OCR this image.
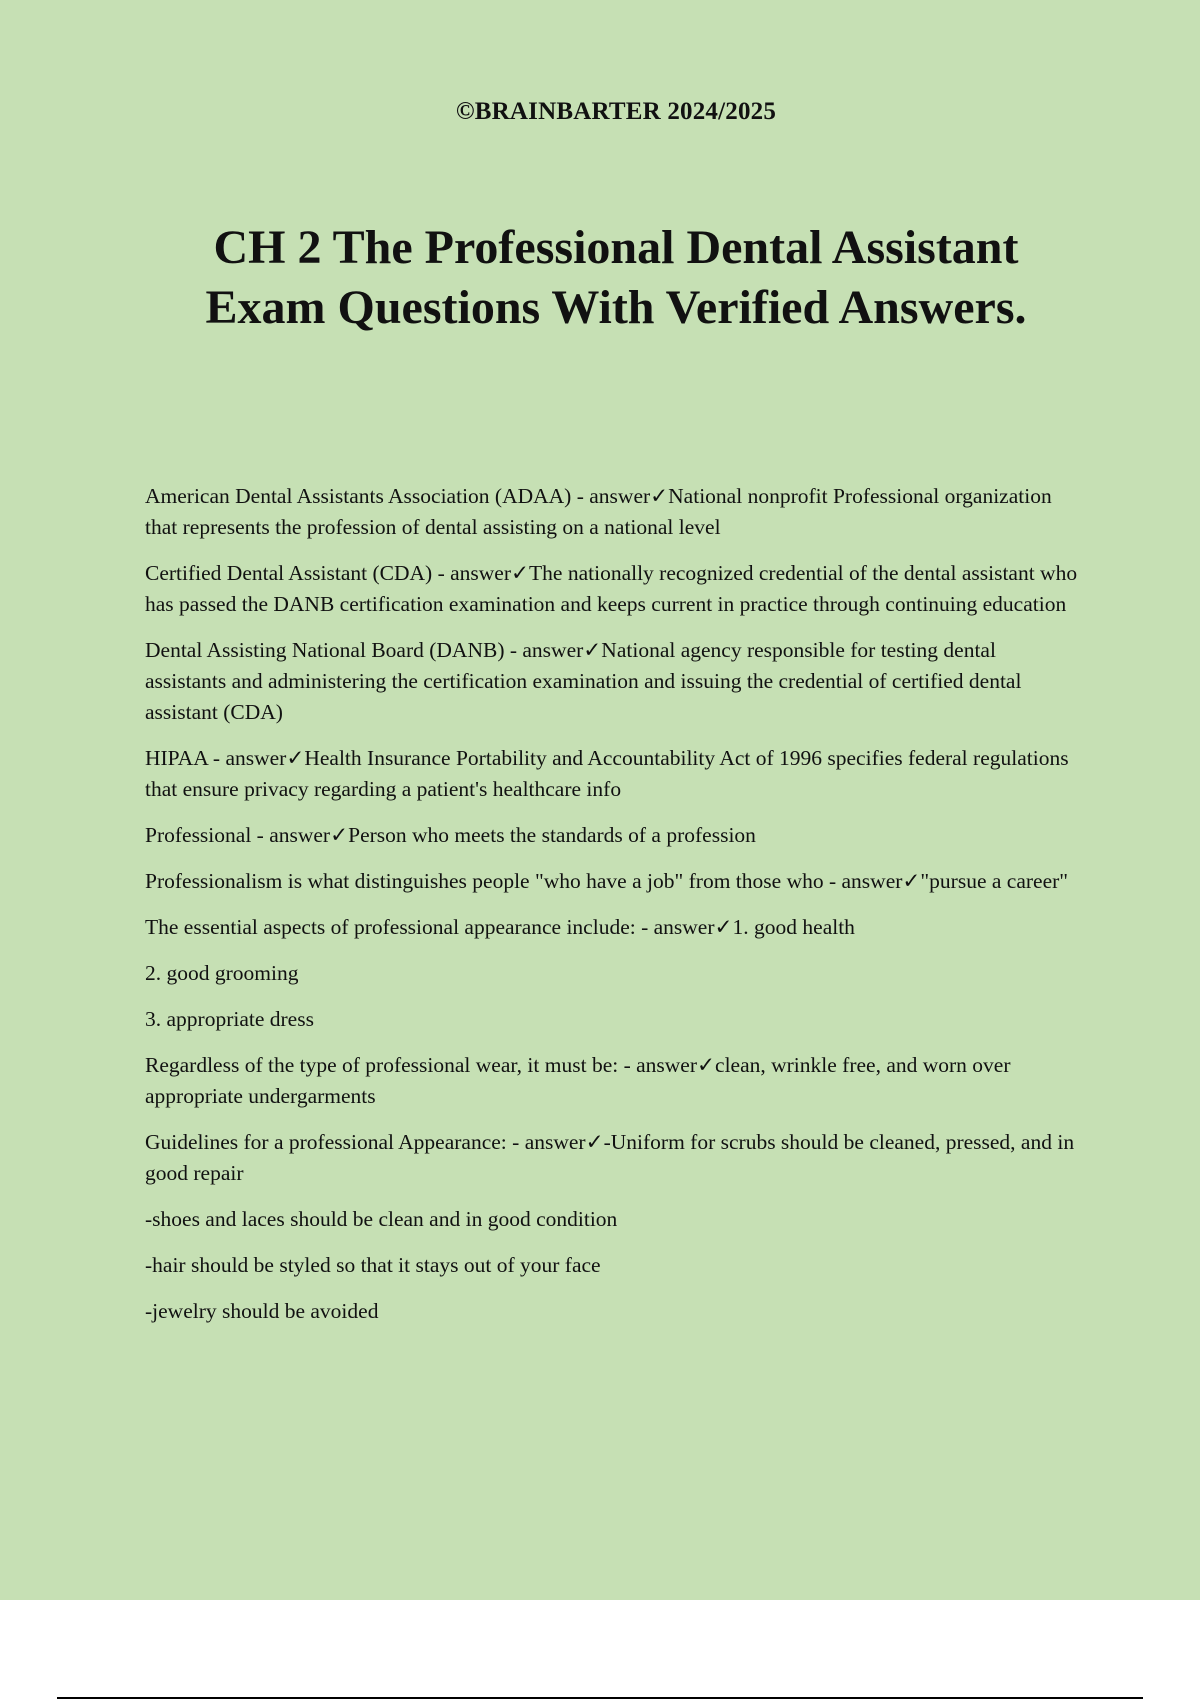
©BRAINBARTER 2024/2025
CH 2 The Professional Dental Assistant
Exam Questions With Verified Answers.

American Dental Assistants Association (ADAA) - answer✓National nonprofit Professional organization that represents the profession of dental assisting on a national level

Certified Dental Assistant (CDA) - answer✓The nationally recognized credential of the dental assistant who has passed the DANB certification examination and keeps current in practice through continuing education

Dental Assisting National Board (DANB) - answer✓National agency responsible for testing dental assistants and administering the certification examination and issuing the credential of certified dental assistant (CDA)

HIPAA - answer✓Health Insurance Portability and Accountability Act of 1996 specifies federal regulations that ensure privacy regarding a patient's healthcare info

Professional - answer✓Person who meets the standards of a profession

Professionalism is what distinguishes people "who have a job" from those who - answer✓"pursue a career"

The essential aspects of professional appearance include: - answer✓1. good health

2. good grooming

3. appropriate dress

Regardless of the type of professional wear, it must be: - answer✓clean, wrinkle free, and worn over appropriate undergarments

Guidelines for a professional Appearance: - answer✓-Uniform for scrubs should be cleaned, pressed, and in good repair

-shoes and laces should be clean and in good condition

-hair should be styled so that it stays out of your face

-jewelry should be avoided
